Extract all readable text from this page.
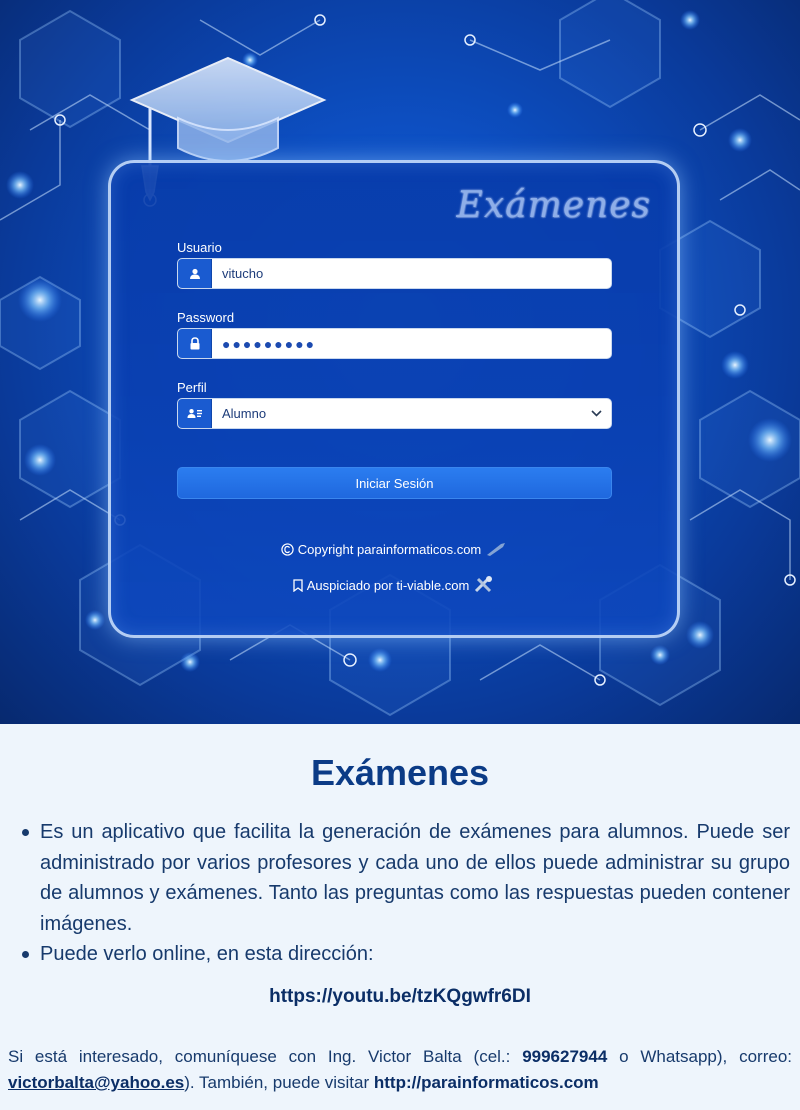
Exámenes
Usuario
vitucho
Password
●●●●●●●●●
Perfil
Alumno
Iniciar Sesión
Copyright parainformaticos.com
Auspiciado por ti-viable.com
Exámenes
Es un aplicativo que facilita la generación de exámenes para alumnos. Puede ser administrado por varios profesores y cada uno de ellos puede administrar su grupo de alumnos y exámenes. Tanto las preguntas como las respuestas pueden contener imágenes.
Puede verlo online, en esta dirección:
https://youtu.be/tzKQgwfr6DI
Si está interesado, comuníquese con Ing. Victor Balta (cel.: 999627944 o Whatsapp), correo: victorbalta@yahoo.es). También, puede visitar http://parainformaticos.com
